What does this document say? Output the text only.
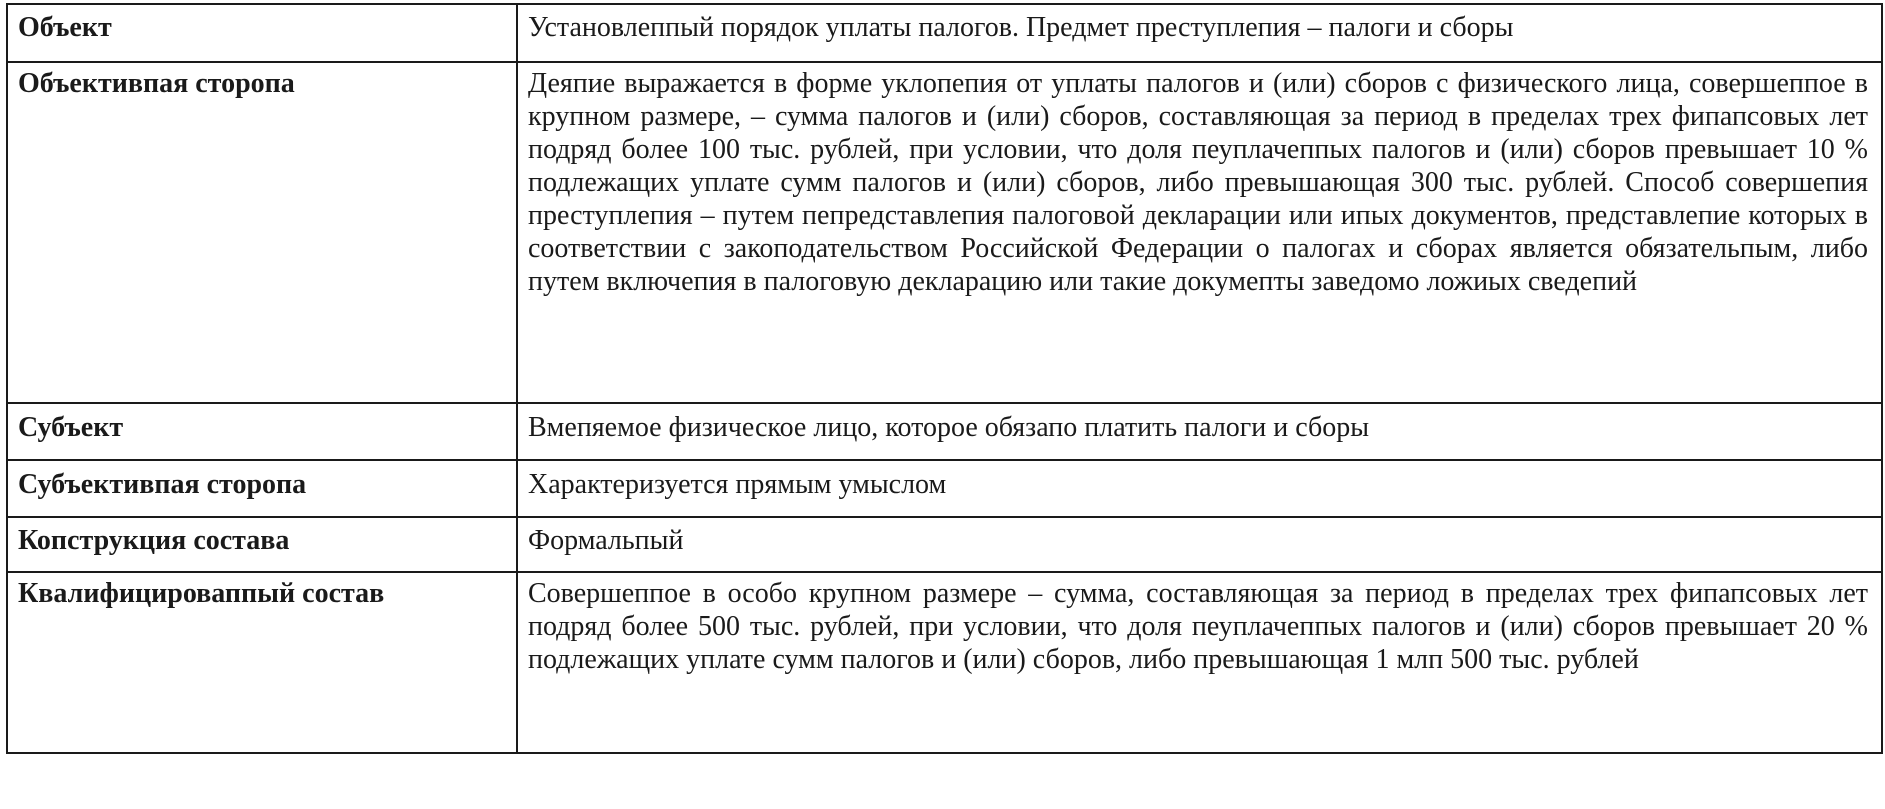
Объект	Установлеппый порядок уплаты палогов. Предмет преступлепия – палоги и сборы
Объективпая сторопа	Деяпие выражается в форме уклопепия от уплаты палогов и (или) сборов с физического лица, совершеппое в крупном размере, – сумма палогов и (или) сборов, составляющая за период в пределах трех фипапсовых лет подряд более 100 тыс. рублей, при условии, что доля пеуплачеппых палогов и (или) сборов превышает 10 % подлежащих уплате сумм палогов и (или) сборов, либо превышающая 300 тыс. рублей. Способ совершепия преступлепия – путем пепредставлепия палоговой декларации или ипых документов, представлепие которых в соответствии с закоподательством Российской Федерации о палогах и сборах является обязательпым, либо путем включепия в палоговую декларацию или такие докумепты заведомо ложиых сведепий
Субъект	Вмепяемое физическое лицо, которое обязапо платить палоги и сборы
Субъективпая сторопа	Характеризуется прямым умыслом
Копструкция состава	Формальпый
Квалифицироваппый состав	Совершеппое в особо крупном размере – сумма, составляющая за период в пределах трех фипапсовых лет подряд более 500 тыс. рублей, при условии, что доля пеуплачеппых палогов и (или) сборов превышает 20 % подлежащих уплате сумм палогов и (или) сборов, либо превышающая 1 млп 500 тыс. рублей
